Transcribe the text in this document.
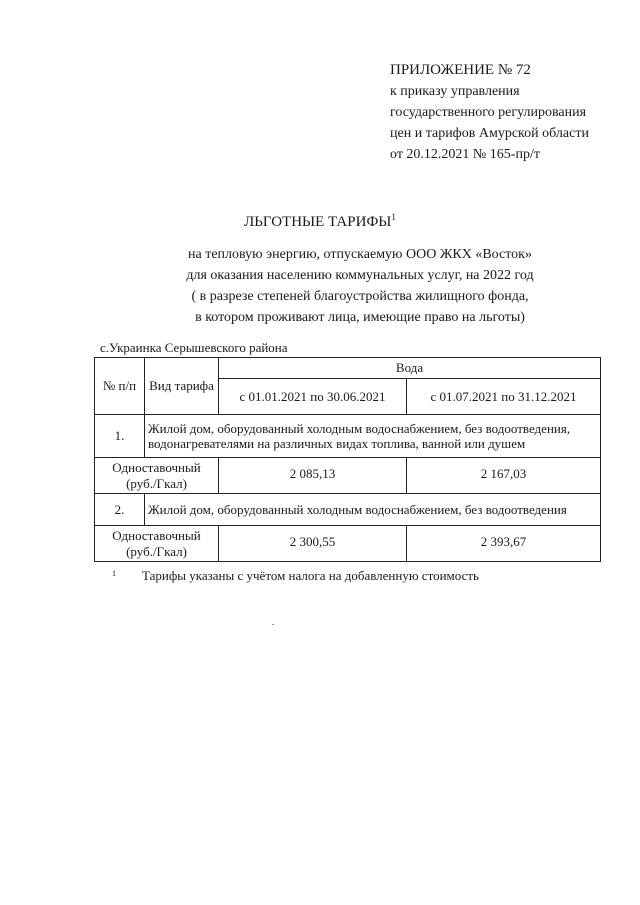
ПРИЛОЖЕНИЕ № 72
к приказу управления
государственного регулирования
цен и тарифов Амурской области
от 20.12.2021 № 165-пр/т
ЛЬГОТНЫЕ ТАРИФЫ$^1$
на тепловую энергию, отпускаемую ООО ЖКХ «Восток»
для оказания населению коммунальных услуг, на 2022 год
( в разрезе степеней благоустройства жилищного фонда,
в котором проживают лица, имеющие право на льготы)
с.Украинка Серышевского района
№ п/п	Вид тарифа	Вода	
		с 01.01.2021 по 30.06.2021	с 01.07.2021 по 31.12.2021
1.	Жилой дом, оборудованный холодным водоснабжением, без водоотведения, водонагревателями на различных видах топлива, ванной или душем		

Одноставочный
(руб./Гкал)		2 085,13	2 167,03
2.	Жилой дом, оборудованный холодным водоснабжением, без водоотведения		

Одноставочный
(руб./Гкал)		2 300,55	2 393,67
$^1$ Тарифы указаны с учётом налога на добавленную стоимость
